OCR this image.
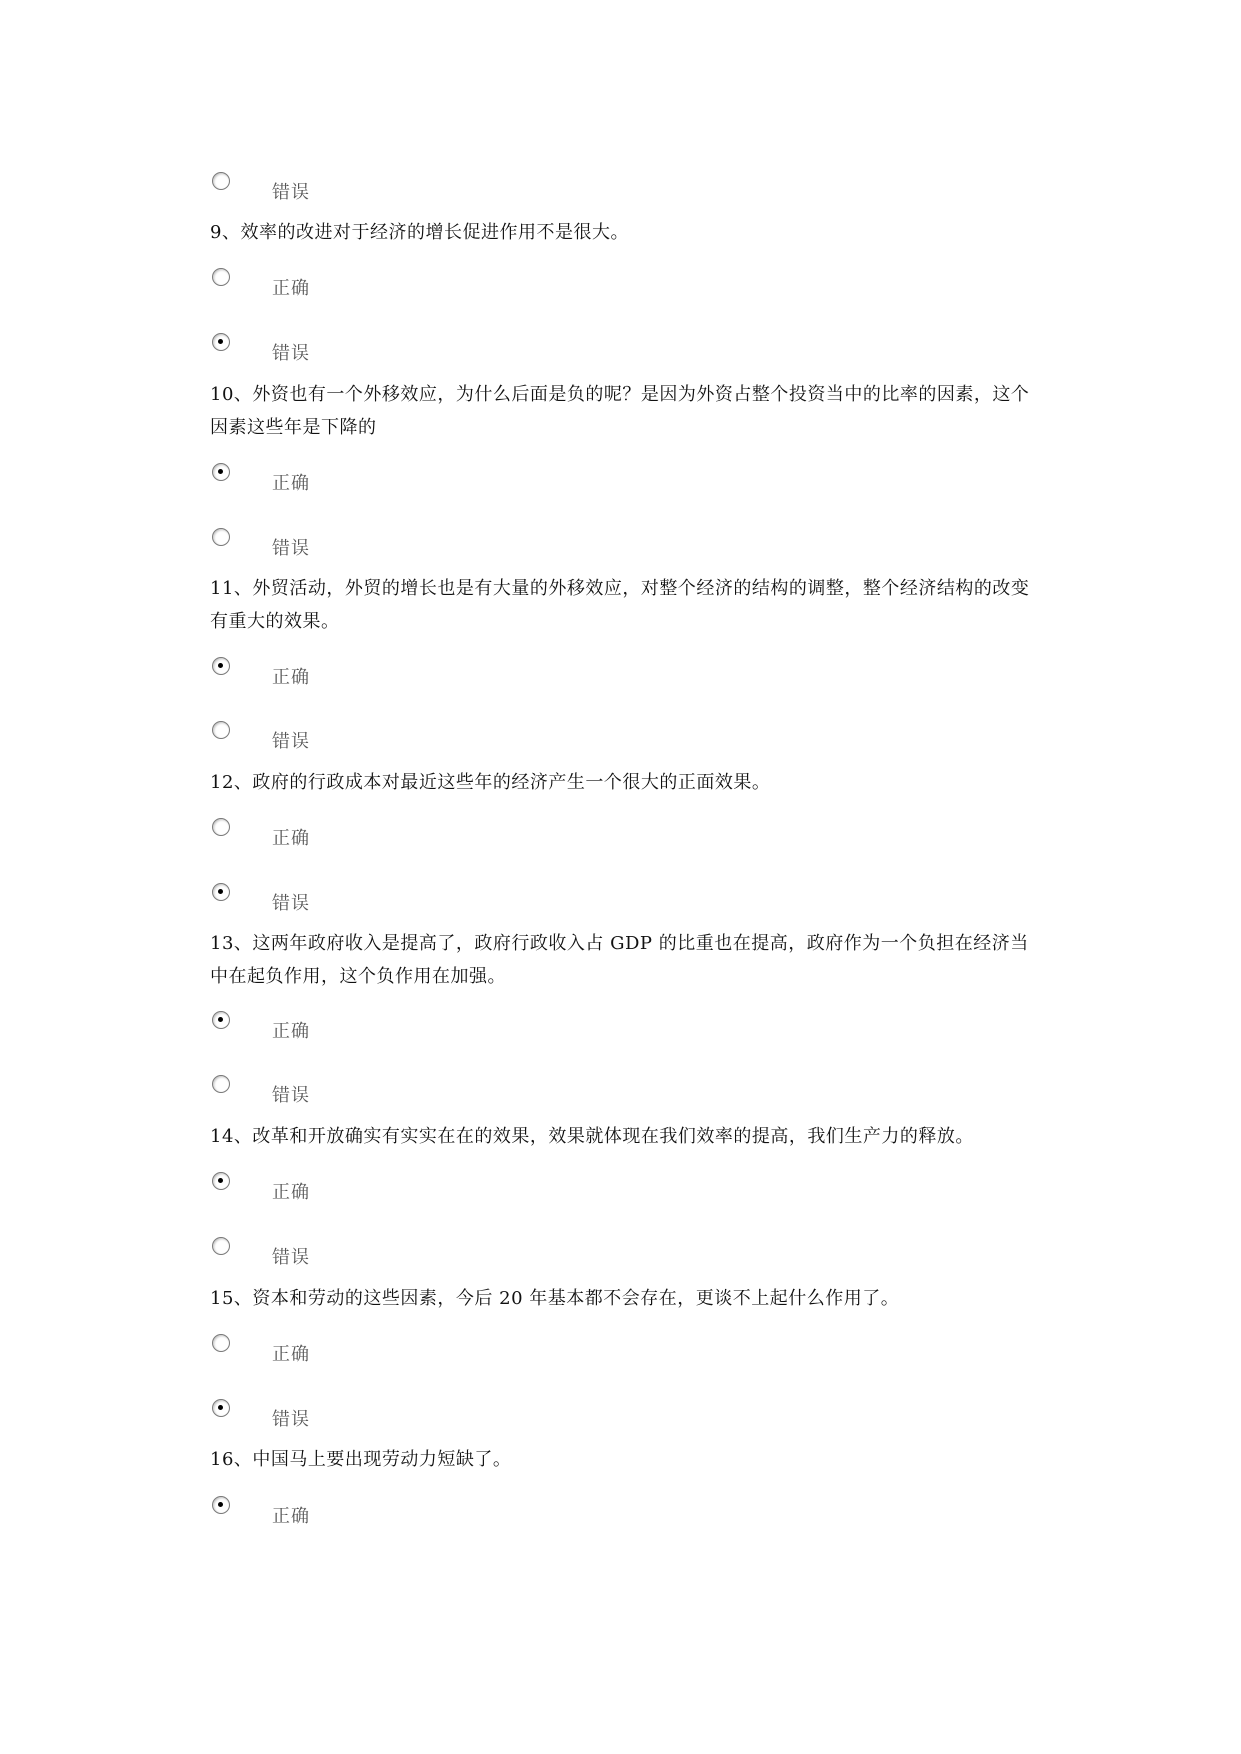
错误
9、效率的改进对于经济的增长促进作用不是很大。
正确
错误
10、外资也有一个外移效应，为什么后面是负的呢？是因为外资占整个投资当中的比率的因素，这个因素这些年是下降的
正确
错误
11、外贸活动，外贸的增长也是有大量的外移效应，对整个经济的结构的调整，整个经济结构的改变有重大的效果。
正确
错误
12、政府的行政成本对最近这些年的经济产生一个很大的正面效果。
正确
错误
13、这两年政府收入是提高了，政府行政收入占 GDP 的比重也在提高，政府作为一个负担在经济当中在起负作用，这个负作用在加强。
正确
错误
14、改革和开放确实有实实在在的效果，效果就体现在我们效率的提高，我们生产力的释放。
正确
错误
15、资本和劳动的这些因素，今后 20 年基本都不会存在，更谈不上起什么作用了。
正确
错误
16、中国马上要出现劳动力短缺了。
正确
